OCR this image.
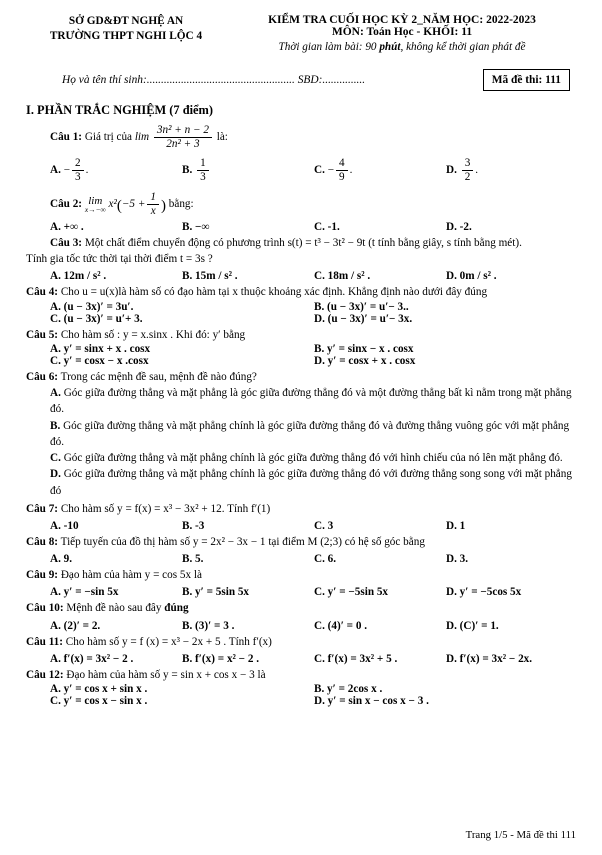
SỞ GD&ĐT NGHỆ AN
TRƯỜNG THPT NGHI LỘC 4
KIỂM TRA CUỐI HỌC KỲ 2_NĂM HỌC: 2022-2023
MÔN: Toán Học - KHỐI: 11
Thời gian làm bài: 90 phút, không kể thời gian phát đề
Họ và tên thí sinh:.................................................... SBD:...............	Mã đề thi: 111
I. PHẦN TRẮC NGHIỆM (7 điểm)
Câu 1: Giá trị của $\lim \frac{\text{3n² + n − 2}}{\text{2n² + 3}}$ là:
A. − $\frac{2}{3}$ .	B. $\frac{1}{3}$	C. − $\frac{4}{9}$ .	D. $\frac{3}{2}$ .
Câu 2: lim
x→−∞ $x^2(-5 + \frac{1}{x}$ ) bằng:
A. +∞ .	B. −∞	C. -1.	D. -2.
Câu 3: Một chất điểm chuyển động có phương trình s(t) = t³ − 3t² − 9t (t tính bằng giây, s tính bằng mét).
Tính gia tốc tức thời tại thời điểm t = 3s ?
A. 12m / s² .	B. 15m / s² .	C. 18m / s² .	D. 0m / s² .
Câu 4: Cho u = u(x)là hàm số có đạo hàm tại x thuộc khoảng xác định. Khẳng định nào dưới đây đúng
A. (u − 3x)′ = 3u′.	B. (u − 3x)′ = u′− 3..
C. (u − 3x)′ = u′+ 3.	D. (u − 3x)′ = u′− 3x.
Câu 5: Cho hàm số : y = x.sinx . Khi đó: y′ bằng
A. y′ = sinx + x . cosx	B. y′ = sinx − x . cosx
C. y′ = cosx − x .cosx	D. y′ = cosx + x . cosx
Câu 6: Trong các mệnh đề sau, mệnh đề nào đúng?
A. Góc giữa đường thẳng và mặt phẳng là góc giữa đường thẳng đó và một đường thẳng bất kì nằm trong mặt phẳng đó.
B. Góc giữa đường thẳng và mặt phẳng chính là góc giữa đường thẳng đó và đường thẳng vuông góc với mặt phẳng đó.
C. Góc giữa đường thẳng và mặt phẳng chính là góc giữa đường thẳng đó với hình chiếu của nó lên mặt phẳng đó.
D. Góc giữa đường thẳng và mặt phẳng chính là góc giữa đường thẳng đó với đường thẳng song song với mặt phẳng đó
Câu 7: Cho hàm số y = f(x) = x³ − 3x² + 12. Tính f′(1)
A. -10	B. -3	C. 3	D. 1
Câu 8: Tiếp tuyến của đồ thị hàm số y = 2x² − 3x − 1 tại điểm M (2;3) có hệ số góc bằng
A. 9.	B. 5.	C. 6.	D. 3.
Câu 9: Đạo hàm của hàm y = cos 5x là
A. y′ = −sin 5x	B. y′ = 5sin 5x	C. y′ = −5sin 5x	D. y′ = −5cos 5x
Câu 10: Mệnh đề nào sau đây đúng
A. (2)′ = 2.	B. (3)′ = 3 .	C. (4)′ = 0 .	D. (C)′ = 1.
Câu 11: Cho hàm số y = f (x) = x³ − 2x + 5 . Tính f′(x)
A. f′(x) = 3x² − 2 .	B. f′(x) = x² − 2 .	C. f′(x) = 3x² + 5 .	D. f′(x) = 3x² − 2x.
Câu 12: Đạo hàm của hàm số y = sin x + cos x − 3 là
A. y′ = cos x + sin x .	B. y′ = 2cos x .
C. y′ = cos x − sin x .	D. y′ = sin x − cos x − 3 .
Trang 1/5 - Mã đề thi 111
